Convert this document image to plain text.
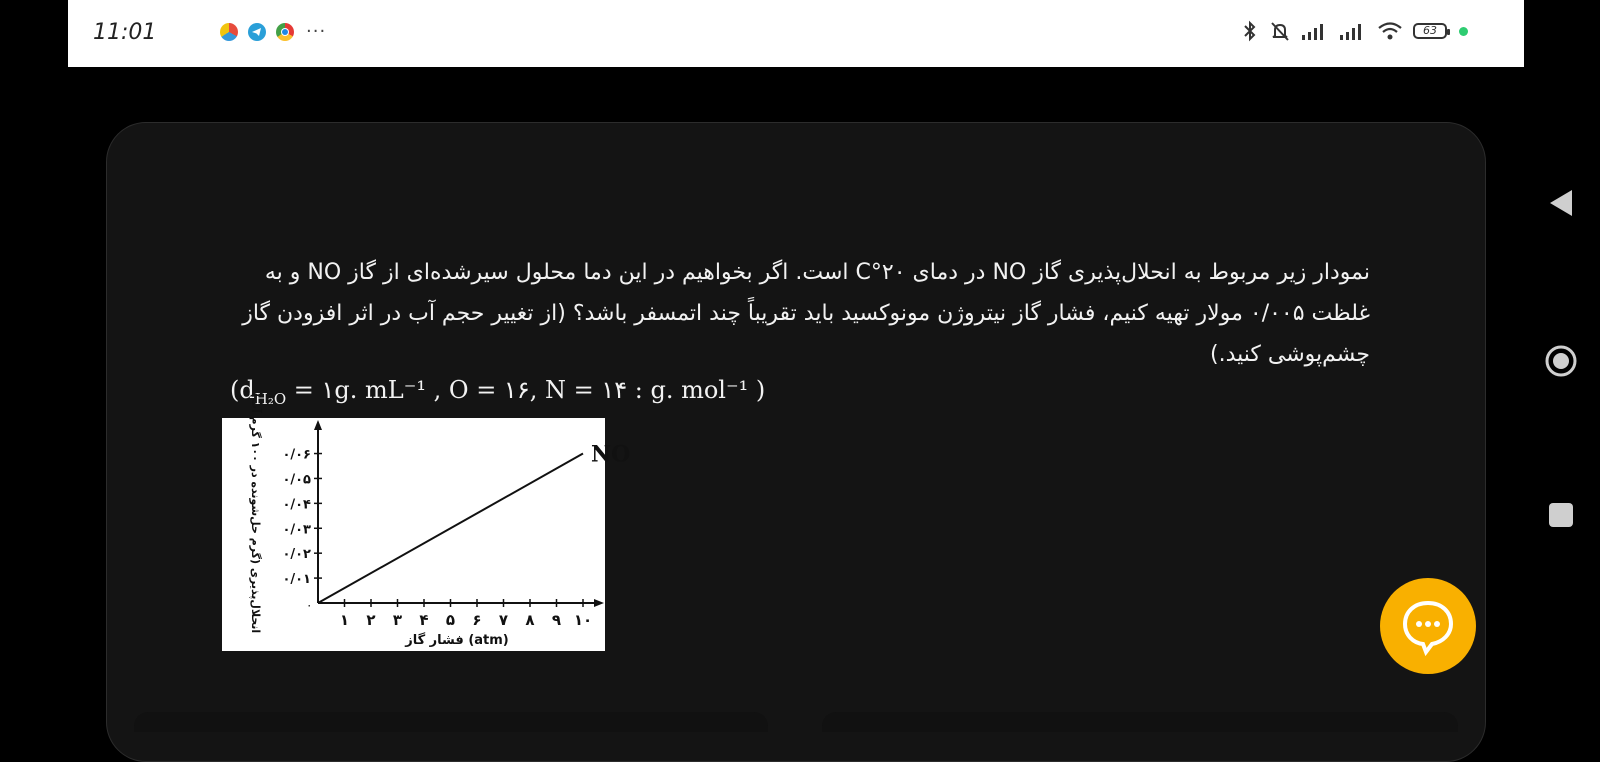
11:01	···	63
نمودار زیر مربوط به انحلال‌پذیری گاز NO در دمای ۲۰°C است. اگر بخواهیم در این دما محلول سیرشده‌ای از گاز NO و به غلظت ۰/۰۰۵ مولار تهیه کنیم، فشار گاز نیتروژن مونوکسید باید تقریباً چند اتمسفر باشد؟ (از تغییر حجم آب در اثر افزودن گاز چشم‌پوشی کنید.)
($d_{H_2O}$ = ۱g. mL⁻¹ , O = ۱۶, N = ۱۴ : g. mol⁻¹ )
۱ ۲ ۳ ۴ ۵ ۶ ۷ ۸ ۹ ۱۰
۰/۰۱
۰/۰۲
۰/۰۳
۰/۰۴
۰/۰۵
۰/۰۶	NO
۰
فشار گاز (atm)
انحلال‌پذیری (گرم حل‌شونده در ۱۰۰ گرم آب)
